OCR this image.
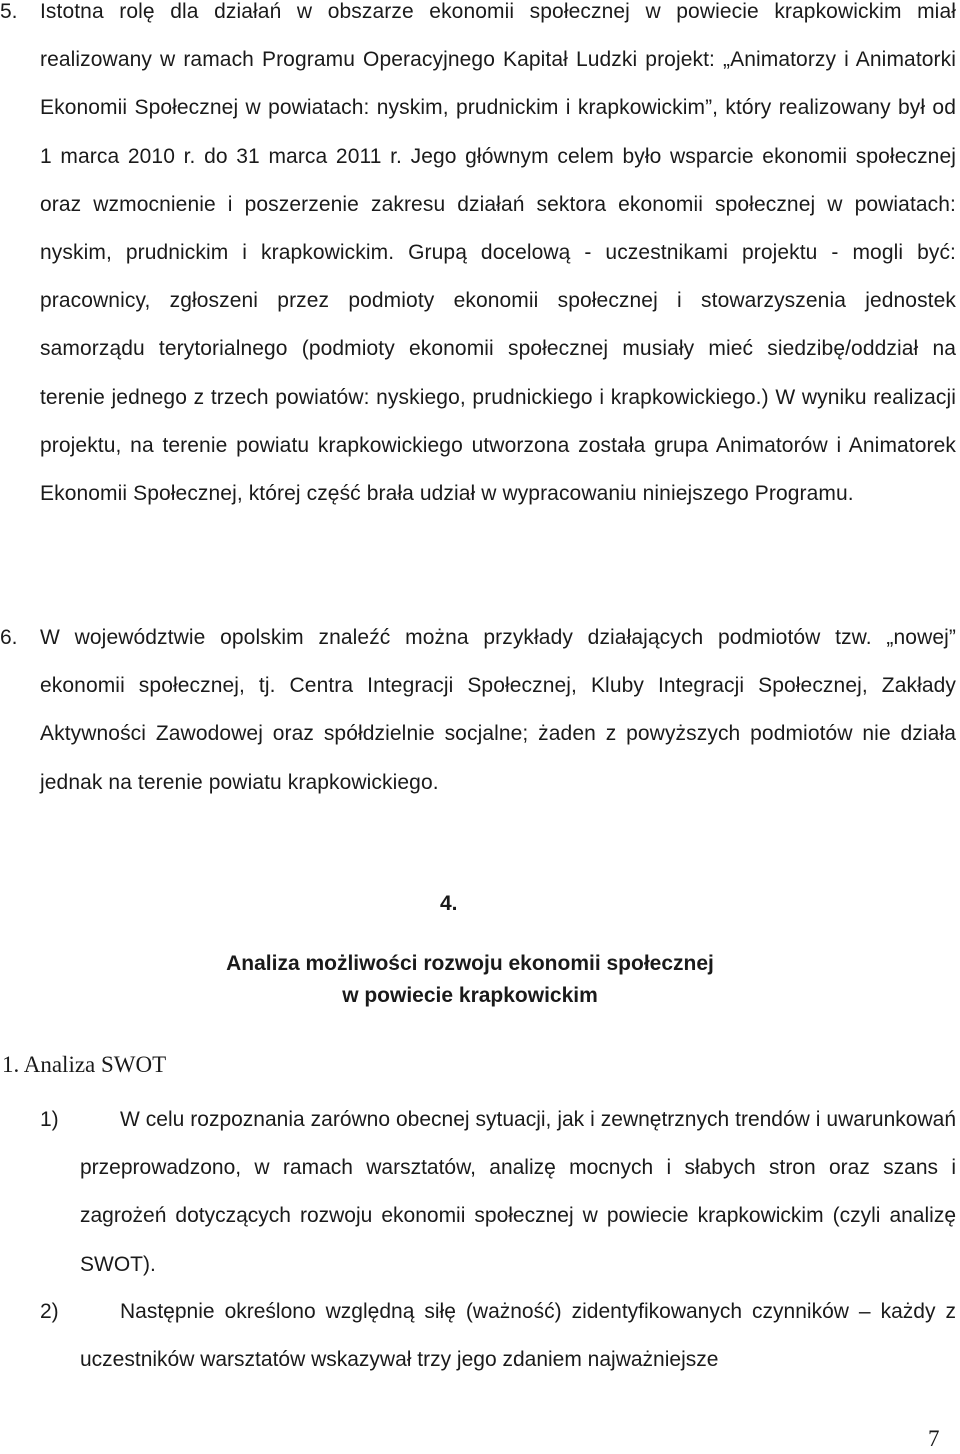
5. Istotna rolę dla działań w obszarze ekonomii społecznej w powiecie krapkowickim miał realizowany w ramach Programu Operacyjnego Kapitał Ludzki projekt: „Animatorzy i Animatorki Ekonomii Społecznej w powiatach: nyskim, prudnickim i krapkowickim”, który realizowany był od 1 marca 2010 r. do 31 marca 2011 r. Jego głównym celem było wsparcie ekonomii społecznej oraz wzmocnienie i poszerzenie zakresu działań sektora ekonomii społecznej w powiatach: nyskim, prudnickim i krapkowickim. Grupą docelową - uczestnikami projektu - mogli być: pracownicy, zgłoszeni przez podmioty ekonomii społecznej i stowarzyszenia jednostek samorządu terytorialnego (podmioty ekonomii społecznej musiały mieć siedzibę/oddział na terenie jednego z trzech powiatów: nyskiego, prudnickiego i krapkowickiego.) W wyniku realizacji projektu, na terenie powiatu krapkowickiego utworzona została grupa Animatorów i Animatorek Ekonomii Społecznej, której część brała udział w wypracowaniu niniejszego Programu.
6. W województwie opolskim znaleźć można przykłady działających podmiotów tzw. „nowej” ekonomii społecznej, tj. Centra Integracji Społecznej, Kluby Integracji Społecznej, Zakłady Aktywności Zawodowej oraz spółdzielnie socjalne; żaden z powyższych podmiotów nie działa jednak na terenie powiatu krapkowickiego.
4.
Analiza możliwości rozwoju ekonomii społecznej
w powiecie krapkowickim
1. Analiza SWOT
1)	W celu rozpoznania zarówno obecnej sytuacji, jak i zewnętrznych trendów i uwarunkowań przeprowadzono, w ramach warsztatów, analizę mocnych i słabych stron oraz szans i zagrożeń dotyczących rozwoju ekonomii społecznej w powiecie krapkowickim (czyli analizę SWOT).
2)	Następnie określono względną siłę (ważność) zidentyfikowanych czynników – każdy z uczestników warsztatów wskazywał trzy jego zdaniem najważniejsze
7
